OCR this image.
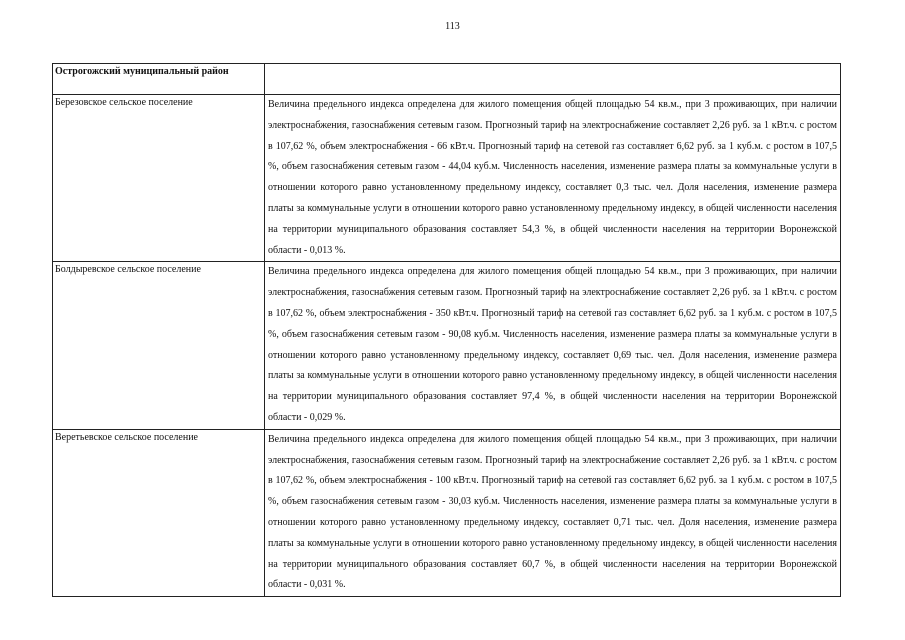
113
Острогожский муниципальный район	
Березовское сельское поселение	Величина предельного индекса определена для жилого помещения общей площадью 54 кв.м., при 3 проживающих, при наличии электроснабжения, газоснабжения сетевым газом. Прогнозный тариф на электроснабжение составляет 2,26 руб. за 1 кВт.ч. с ростом в 107,62 %, объем электроснабжения - 66 кВт.ч. Прогнозный тариф на сетевой газ составляет 6,62 руб. за 1 куб.м. с ростом в 107,5 %, объем газоснабжения сетевым газом - 44,04 куб.м. Численность населения, изменение размера платы за коммунальные услуги в отношении которого равно установленному предельному индексу, составляет 0,3 тыс. чел. Доля населения, изменение размера платы за коммунальные услуги в отношении которого равно установленному предельному индексу, в общей численности населения на территории муниципального образования составляет 54,3 %, в общей численности населения на территории Воронежской области - 0,013 %.
Болдыревское сельское поселение	Величина предельного индекса определена для жилого помещения общей площадью 54 кв.м., при 3 проживающих, при наличии электроснабжения, газоснабжения сетевым газом. Прогнозный тариф на электроснабжение составляет 2,26 руб. за 1 кВт.ч. с ростом в 107,62 %, объем электроснабжения - 350 кВт.ч. Прогнозный тариф на сетевой газ составляет 6,62 руб. за 1 куб.м. с ростом в 107,5 %, объем газоснабжения сетевым газом - 90,08 куб.м. Численность населения, изменение размера платы за коммунальные услуги в отношении которого равно установленному предельному индексу, составляет 0,69 тыс. чел. Доля населения, изменение размера платы за коммунальные услуги в отношении которого равно установленному предельному индексу, в общей численности населения на территории муниципального образования составляет 97,4 %, в общей численности населения на территории Воронежской области - 0,029 %.
Веретьевское сельское поселение	Величина предельного индекса определена для жилого помещения общей площадью 54 кв.м., при 3 проживающих, при наличии электроснабжения, газоснабжения сетевым газом. Прогнозный тариф на электроснабжение составляет 2,26 руб. за 1 кВт.ч. с ростом в 107,62 %, объем электроснабжения - 100 кВт.ч. Прогнозный тариф на сетевой газ составляет 6,62 руб. за 1 куб.м. с ростом в 107,5 %, объем газоснабжения сетевым газом - 30,03 куб.м. Численность населения, изменение размера платы за коммунальные услуги в отношении которого равно установленному предельному индексу, составляет 0,71 тыс. чел. Доля населения, изменение размера платы за коммунальные услуги в отношении которого равно установленному предельному индексу, в общей численности населения на территории муниципального образования составляет 60,7 %, в общей численности населения на территории Воронежской области - 0,031 %.
